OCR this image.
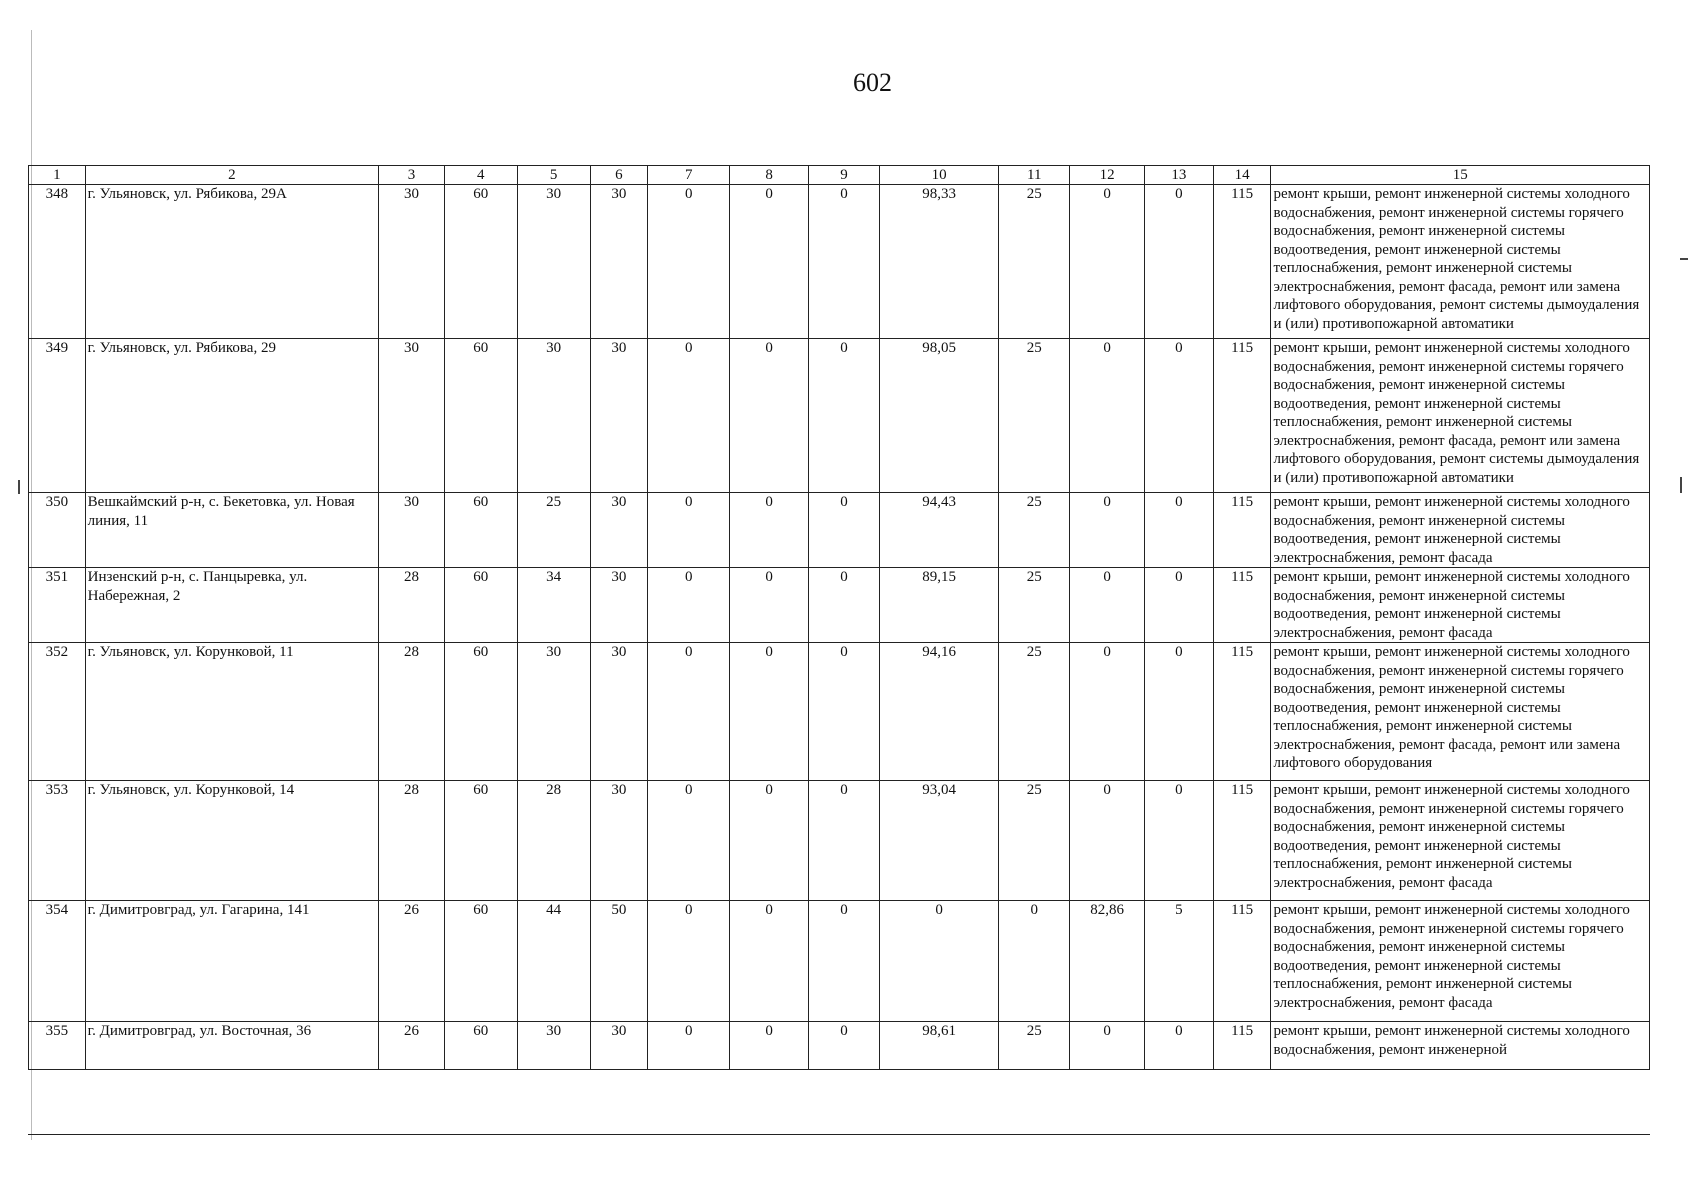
602
1	2	3	4	5	6	7	8	9	10	11	12	13	14	15
348	г. Ульяновск, ул. Рябикова, 29А	30	60	30	30	0	0	0	98,33	25	0	0	115	ремонт крыши, ремонт инженерной системы холодного водоснабжения, ремонт инженерной системы горячего водоснабжения, ремонт инженерной системы водоотведения, ремонт инженерной системы теплоснабжения, ремонт инженерной системы электроснабжения, ремонт фасада, ремонт или замена лифтового оборудования, ремонт системы дымоудаления и (или) противопожарной автоматики
349	г. Ульяновск, ул. Рябикова, 29	30	60	30	30	0	0	0	98,05	25	0	0	115	ремонт крыши, ремонт инженерной системы холодного водоснабжения, ремонт инженерной системы горячего водоснабжения, ремонт инженерной системы водоотведения, ремонт инженерной системы теплоснабжения, ремонт инженерной системы электроснабжения, ремонт фасада, ремонт или замена лифтового оборудования, ремонт системы дымоудаления и (или) противопожарной автоматики
350	Вешкаймский р-н, с. Бекетовка, ул. Новая линия, 11	30	60	25	30	0	0	0	94,43	25	0	0	115	ремонт крыши, ремонт инженерной системы холодного водоснабжения, ремонт инженерной системы водоотведения, ремонт инженерной системы электроснабжения, ремонт фасада
351	Инзенский р-н, с. Панцыревка, ул. Набережная, 2	28	60	34	30	0	0	0	89,15	25	0	0	115	ремонт крыши, ремонт инженерной системы холодного водоснабжения, ремонт инженерной системы водоотведения, ремонт инженерной системы электроснабжения, ремонт фасада
352	г. Ульяновск, ул. Корунковой, 11	28	60	30	30	0	0	0	94,16	25	0	0	115	ремонт крыши, ремонт инженерной системы холодного водоснабжения, ремонт инженерной системы горячего водоснабжения, ремонт инженерной системы водоотведения, ремонт инженерной системы теплоснабжения, ремонт инженерной системы электроснабжения, ремонт фасада, ремонт или замена лифтового оборудования
353	г. Ульяновск, ул. Корунковой, 14	28	60	28	30	0	0	0	93,04	25	0	0	115	ремонт крыши, ремонт инженерной системы холодного водоснабжения, ремонт инженерной системы горячего водоснабжения, ремонт инженерной системы водоотведения, ремонт инженерной системы теплоснабжения, ремонт инженерной системы электроснабжения, ремонт фасада
354	г. Димитровград, ул. Гагарина, 141	26	60	44	50	0	0	0	0	0	82,86	5	115	ремонт крыши, ремонт инженерной системы холодного водоснабжения, ремонт инженерной системы горячего водоснабжения, ремонт инженерной системы водоотведения, ремонт инженерной системы теплоснабжения, ремонт инженерной системы электроснабжения, ремонт фасада
355	г. Димитровград, ул. Восточная, 36	26	60	30	30	0	0	0	98,61	25	0	0	115	ремонт крыши, ремонт инженерной системы холодного водоснабжения, ремонт инженерной
